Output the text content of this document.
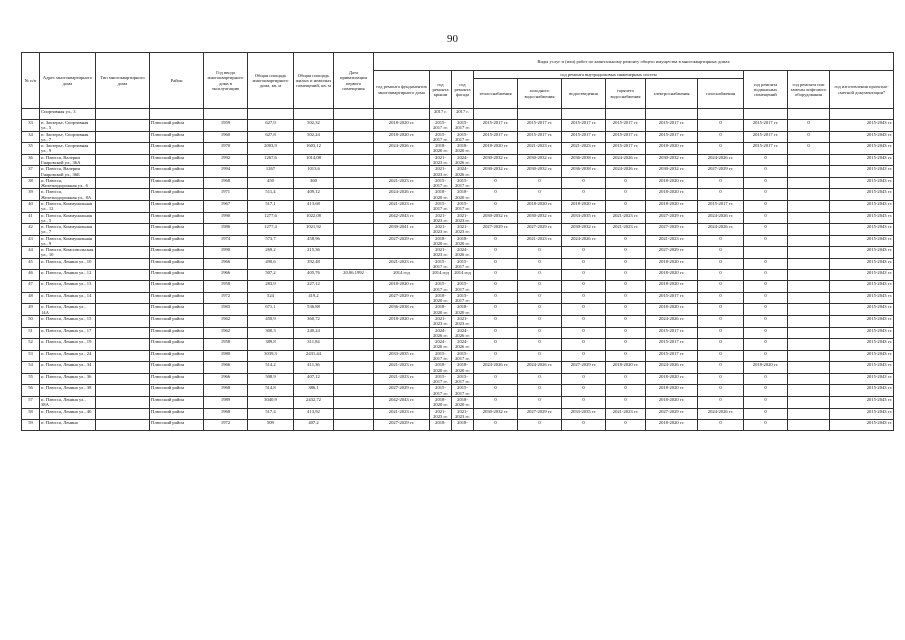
90
№ п/п	Адрес многоквартирного дома	Тип многоквартирного дома	Район	Год ввода многоквартирного дома в эксплуатацию	Общая площадь многоквартирного дома, кв. м	Общая площадь жилых и нежилых помещений, кв. м	Дата приватизации первого помещения	Виды услуг и (или) работ по капитальному ремонту общего имущества в многоквартирных домах											
								год ремонта фундаментов многоквартирного дома	год ремонта крыши	год ремонта фасада	год ремонта внутридомовых инженерных систем						год ремонта подвальных помещений	год ремонта или замены лифтового оборудования	год изготовления проектно-сметной документации*
											теплоснабжения	холодного водоснабжения	водоотведения	горячего водоснабжения	электроснабжения	газоснабжения			
	Спортивная ул., 3								2017 г.	2017 г.									
33	п. Заозерье, Спортивная ул., 5		Плюсский район	1959	627,9	502,32		2018-2020 гг.	2015-2017 гг.	2015-2017 гг.	2015-2017 гг.	2015-2017 гг.	2015-2017 гг.	2015-2017 гг.	2015-2017 гг.	0	2015-2017 гг.	0	2015-2043 гг.
34	п. Заозерье, Спортивная ул., 7		Плюсский район	1960	627,8	502,24		2018-2020 гг.	2015-2017 гг.	2015-2017 гг.	2015-2017 гг.	2015-2017 гг.	2015-2017 гг.	2015-2017 гг.	2015-2017 гг.	0	2015-2017 гг.	0	2015-2043 гг.
35	п. Заозерье, Спортивная ул., 9		Плюсский район	1970	2003,9	1603,12		2024-2026 гг.	2018-2020 гг.	2018-2020 гг.	2018-2020 гг.	2021-2023 гг.	2021-2023 гг.	2015-2017 гг.	2018-2020 гг.	0	2015-2017 гг.	0	2015-2043 гг.
36	п. Плюсса, Валерии Гнаровской ул., 36А		Плюсский район	1992	1267,6	1014,08			2021-2023 гг.	2024-2026 гг.	2030-2032 гг.	2030-2032 гг.	2036-2038 гг.	2024-2026 гг.	2030-2032 гг.	2024-2026 гг.	0		2015-2043 гг.
37	п. Плюсса, Валерии Гнаровской ул., 36Б		Плюсский район	1994	1267	1013,6			2021-2023 гг.	2024-2026 гг.	2030-2032 гг.	2030-2032 гг.	2036-2038 гг.	2024-2026 гг.	2030-2032 гг.	2027-2029 гг.	0		2015-2043 гг.
38	п. Плюсса, Железнодорожная ул., 6		Плюсский район	1968	450	360		2021-2023 гг.	2015-2017 гг.	2015-2017 гг.	0	0	0	0	2018-2020 гг.	0	0		2015-2043 гг.
39	п. Плюсса, Железнодорожная ул., 8А		Плюсский район	1971	511,4	409,12		2024-2026 гг.	2018-2020 гг.	2018-2020 гг.	0	0	0	0	2018-2020 гг.	0	0		2015-2043 гг.
40	п. Плюсса, Коммунальная ул., 12		Плюсский район	1967	517,1	413,68		2021-2023 гг.	2015-2017 гг.	2015-2017 гг.	0	2018-2020 гг.	2018-2020 гг.	0	2018-2020 гг.	2015-2017 гг.	0		2015-2043 гг.
41	п. Плюсса, Коммунальная ул., 5		Плюсский район	1990	1277,6	1022,08		2042-2043 гг.	2021-2023 гг.	2021-2023 гг.	2030-2032 гг.	2030-2032 гг.	2033-2035 гг.	2021-2023 гг.	2027-2029 гг.	2024-2026 гг.	0		2015-2043 гг.
42	п. Плюсса, Коммунальная ул., 7		Плюсский район	1986	1277,4	1021,92		2039-2041 гг.	2021-2023 гг.	2021-2023 гг.	2027-2029 гг.	2027-2029 гг.	2030-2032 гг.	2021-2023 гг.	2027-2029 гг.	2024-2026 гг.	0		2015-2043 гг.
43	п. Плюсса, Коммунальная ул., 9		Плюсский район	1974	573,7	458,96		2027-2029 гг.	2018-2020 гг.	2018-2020 гг.	0	2021-2023 гг.	2024-2026 гг.	0	2021-2023 гг.	0	0		2015-2043 гг.
44	п. Плюсса, Комсомольская ул., 10		Плюсский район	1990	269,2	215,36			2021-2023 гг.	2024-2026 гг.	0	0	0	0	2027-2029 гг.	0			2015-2043 гг.
45	п. Плюсса, Ленина ул., 10		Плюсский район	1966	490,6	392,48		2021-2023 гг.	2015-2017 гг.	2015-2017 гг.	0	0	0	0	2018-2020 гг.	0	0		2015-2043 гг.
46	п. Плюсса, Ленина ул., 12		Плюсский район	1966	507,2	405,76	20.06.1992	2014 год	2014 год	2014 год	0	0	0	0	2018-2020 гг.	0	0		2015-2043 гг.
47	п. Плюсса, Ленина ул., 13		Плюсский район	1958	283,9	227,12		2018-2020 гг.	2015-2017 гг.	2015-2017 гг.	0	0	0	0	2018-2020 гг.	0	0		2015-2043 гг.
48	п. Плюсса, Ленина ул., 14		Плюсский район	1972	524	419,2		2027-2029 гг.	2018-2020 гг.	2015-2017 гг.	0	0	0	0	2015-2017 гг.	0	0		2015-2043 гг.
49	п. Плюсса, Ленина ул., 14А		Плюсский район	1983	671,1	536,88		2036-2038 гг.	2018-2020 гг.	2018-2020 гг.	0	0	0	0	2018-2020 гг.	0	0		2015-2043 гг.
50	п. Плюсса, Ленина ул., 15		Плюсский район	1962	450,9	360,72		2018-2020 гг.	2021-2023 гг.	2021-2023 гг.	0	0	0	0	2024-2026 гг.	0	0		2015-2043 гг.
51	п. Плюсса, Ленина ул., 17		Плюсский район	1962	300,3	240,24			2024-2026 гг.	2024-2026 гг.	0	0	0	0	2015-2017 гг.	0	0		2015-2043 гг.
52	п. Плюсса, Ленина ул., 19		Плюсский район	1958	389,8	311,84			2024-2026 гг.	2024-2026 гг.	0	0	0	0	2015-2017 гг.	0	0		2015-2043 гг.
53	п. Плюсса, Ленина ул., 24		Плюсский район	1980	3039,3	2431,44		2033-2035 гг.	2015-2017 гг.	2015-2017 гг.	0	0	0	0	2015-2017 гг.	0	0		2015-2043 гг.
54	п. Плюсса, Ленина ул., 34		Плюсский район	1966	514,2	411,36		2021-2023 гг.	2018-2020 гг.	2018-2020 гг.	2024-2026 гг.	2024-2026 гг.	2027-2029 гг.	2018-2020 гг.	2024-2026 гг.	0	2018-2020 гг.		2015-2043 гг.
55	п. Плюсса, Ленина ул., 36		Плюсский район	1966	508,9	407,12		2021-2023 гг.	2015-2017 гг.	2015-2017 гг.	0	0	0	0	2018-2020 гг.	0	0		2015-2043 гг.
56	п. Плюсса, Ленина ул., 38		Плюсский район	1968	514,8	386,1		2027-2029 гг.	2015-2017 гг.	2015-2017 гг.	0	0	0	0	2018-2020 гг.	0	0		2015-2043 гг.
57	п. Плюсса, Ленина ул., 38А		Плюсский район	1989	3040,9	2432,72		2042-2043 гг.	2018-2020 гг.	2018-2020 гг.	0	0	0	0	2018-2020 гг.	0	0		2015-2043 гг.
58	п. Плюсса, Ленина ул., 40		Плюсский район	1968	517,4	413,92		2021-2023 гг.	2021-2023 гг.	2021-2023 гг.	2030-2032 гг.	2027-2029 гг.	2033-2035 гг.	2021-2023 гг.	2027-2029 гг.	2024-2026 гг.	0		2015-2043 гг.
59	п. Плюсса, Ленина		Плюсский район	1972	509	407,2		2027-2029 гг.	2018-	2018-	0	0	0	0	2018-2020 гг.	0	0		2015-2043 гг.
